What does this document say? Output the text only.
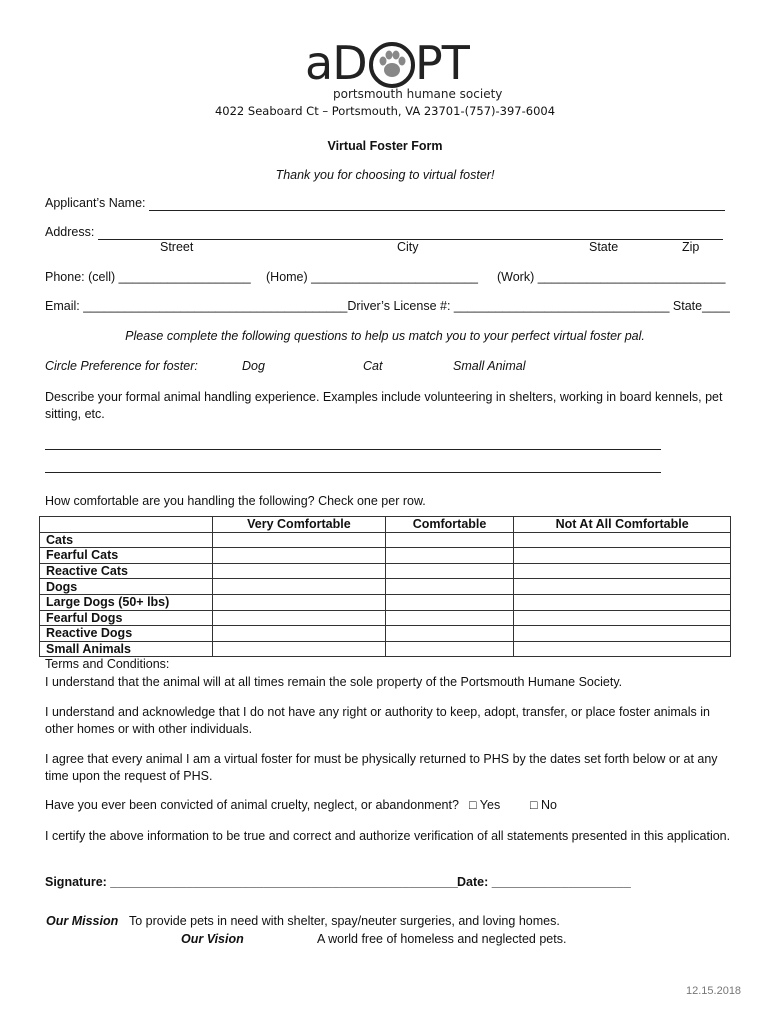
aD PT
portsmouth humane society
4022 Seaboard Ct – Portsmouth, VA 23701-(757)-397-6004
Virtual Foster Form
Thank you for choosing to virtual foster!
Applicant’s Name:
Address:
Street	City	State	Zip
Phone: (cell) ___________________ (Home) ________________________ (Work) ___________________________
Email: ______________________________________Driver’s License #: _______________________________ State____
Please complete the following questions to help us match you to your perfect virtual foster pal.
Circle Preference for foster:	Dog	Cat	Small Animal
Describe your formal animal handling experience. Examples include volunteering in shelters, working in board kennels, pet sitting, etc.
How comfortable are you handling the following? Check one per row.
	Very Comfortable	Comfortable	Not At All Comfortable
Cats			
Fearful Cats			
Reactive Cats			
Dogs			
Large Dogs (50+ lbs)			
Fearful Dogs			
Reactive Dogs			
Small Animals			
Terms and Conditions:
I understand that the animal will at all times remain the sole property of the Portsmouth Humane Society.
I understand and acknowledge that I do not have any right or authority to keep, adopt, transfer, or place foster animals in other homes or with other individuals.
I agree that every animal I am a virtual foster for must be physically returned to PHS by the dates set forth below or at any time upon the request of PHS.
Have you ever been convicted of animal cruelty, neglect, or abandonment? □ Yes □ No
I certify the above information to be true and correct and authorize verification of all statements presented in this application.
Signature: __________________________________________________ Date: ____________________
Our Mission To provide pets in need with shelter, spay/neuter surgeries, and loving homes.
Our Vision	A world free of homeless and neglected pets.
12.15.2018
